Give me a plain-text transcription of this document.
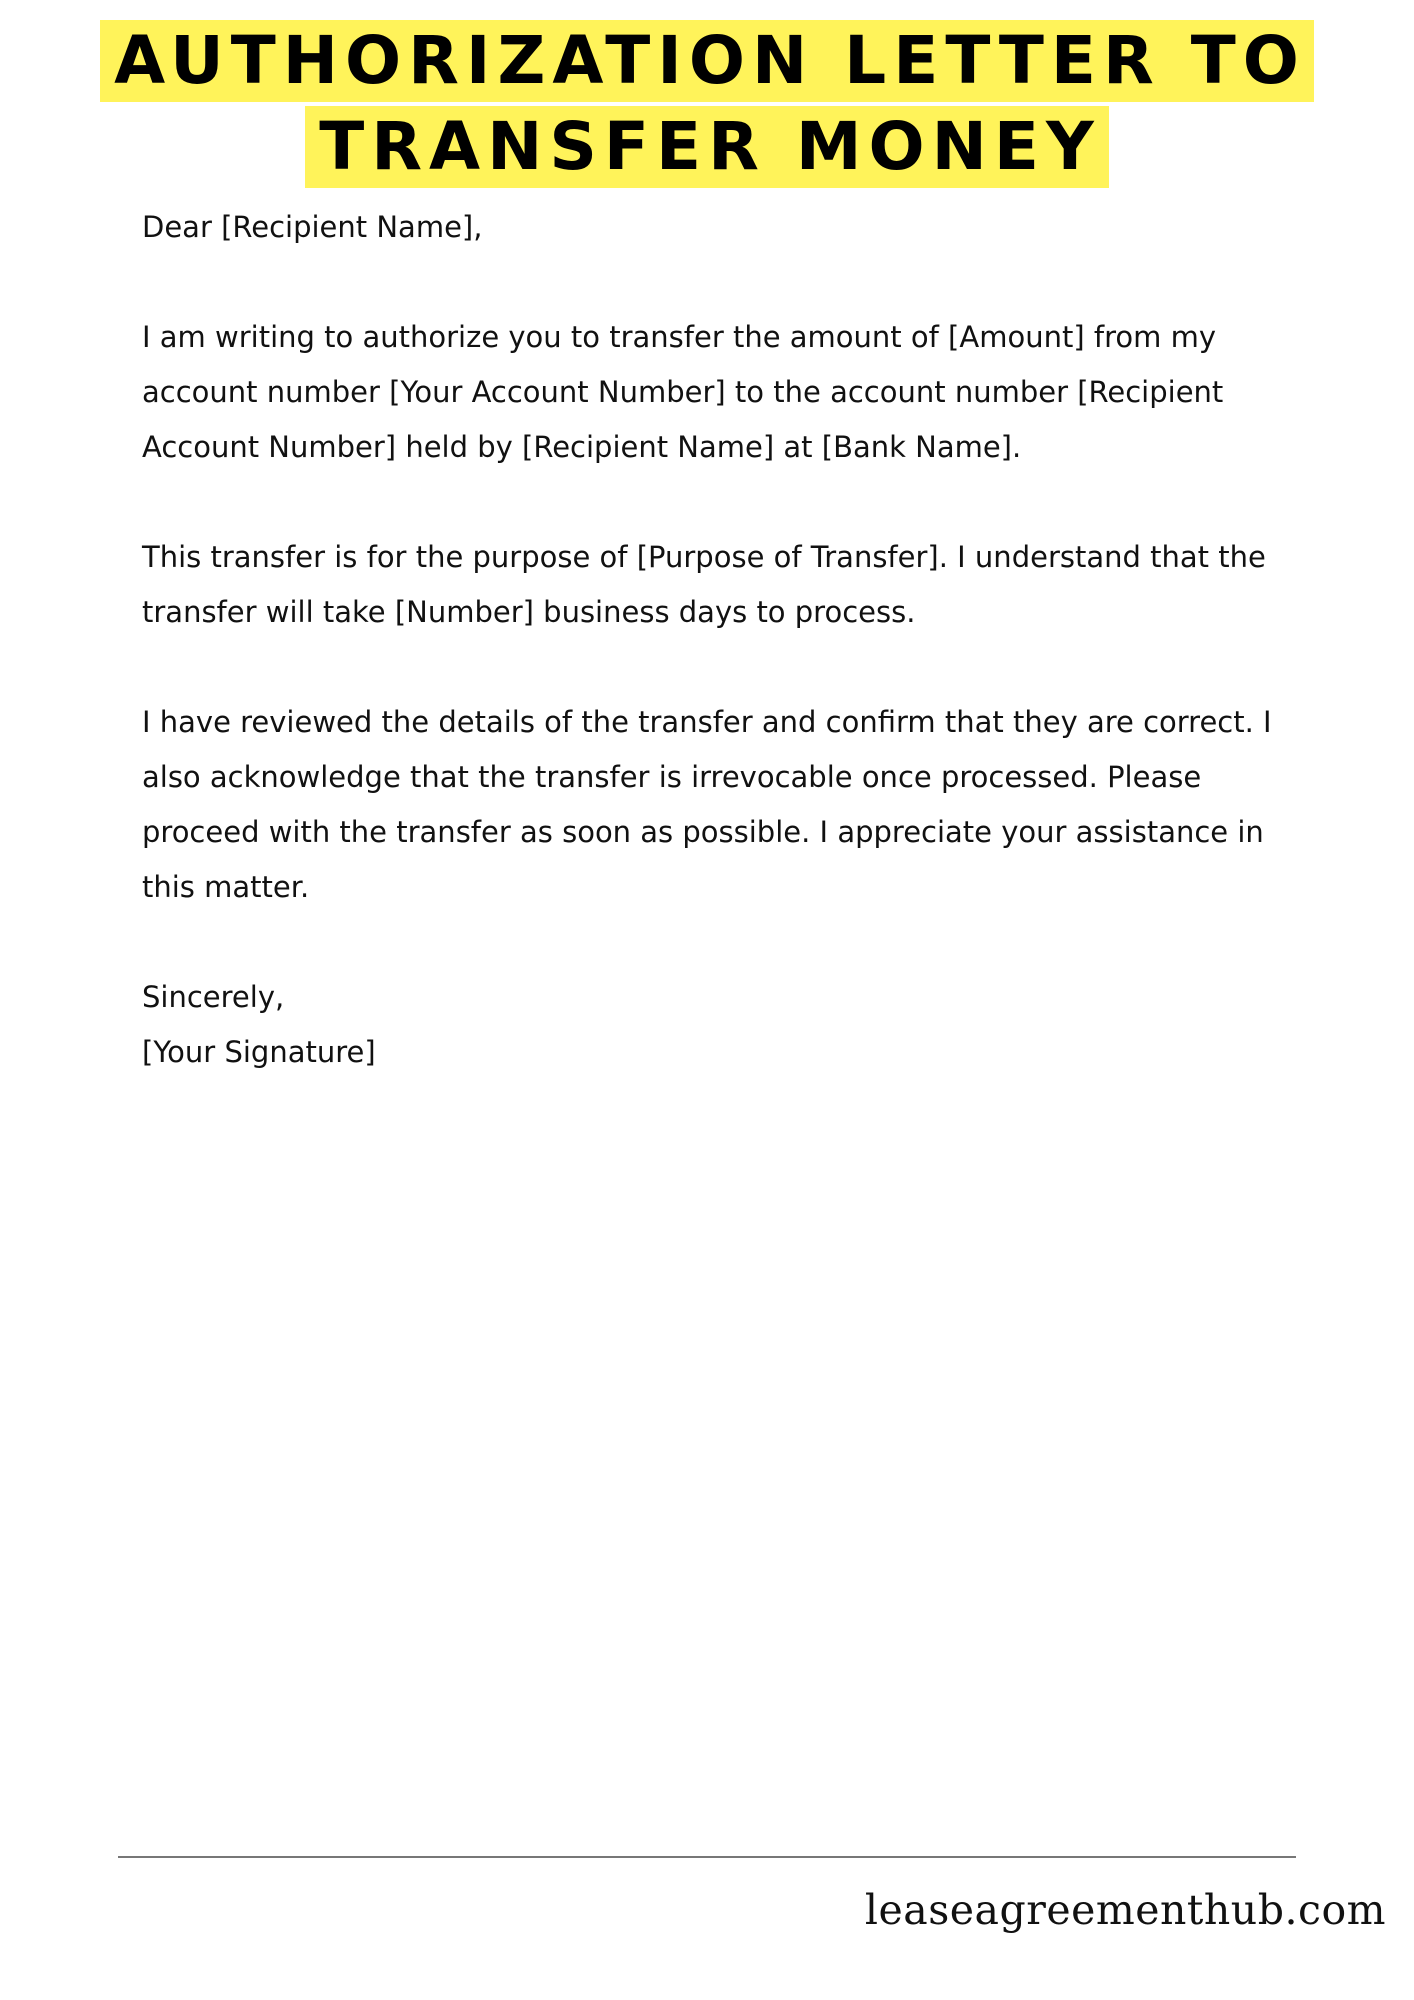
AUTHORIZATION LETTER TO
TRANSFER MONEY

Dear [Recipient Name],

I am writing to authorize you to transfer the amount of [Amount] from my account number [Your Account Number] to the account number [Recipient Account Number] held by [Recipient Name] at [Bank Name].

This transfer is for the purpose of [Purpose of Transfer]. I understand that the transfer will take [Number] business days to process.

I have reviewed the details of the transfer and confirm that they are correct. I also acknowledge that the transfer is irrevocable once processed. Please proceed with the transfer as soon as possible. I appreciate your assistance in this matter.

Sincerely,

[Your Signature]

leaseagreementhub.com
